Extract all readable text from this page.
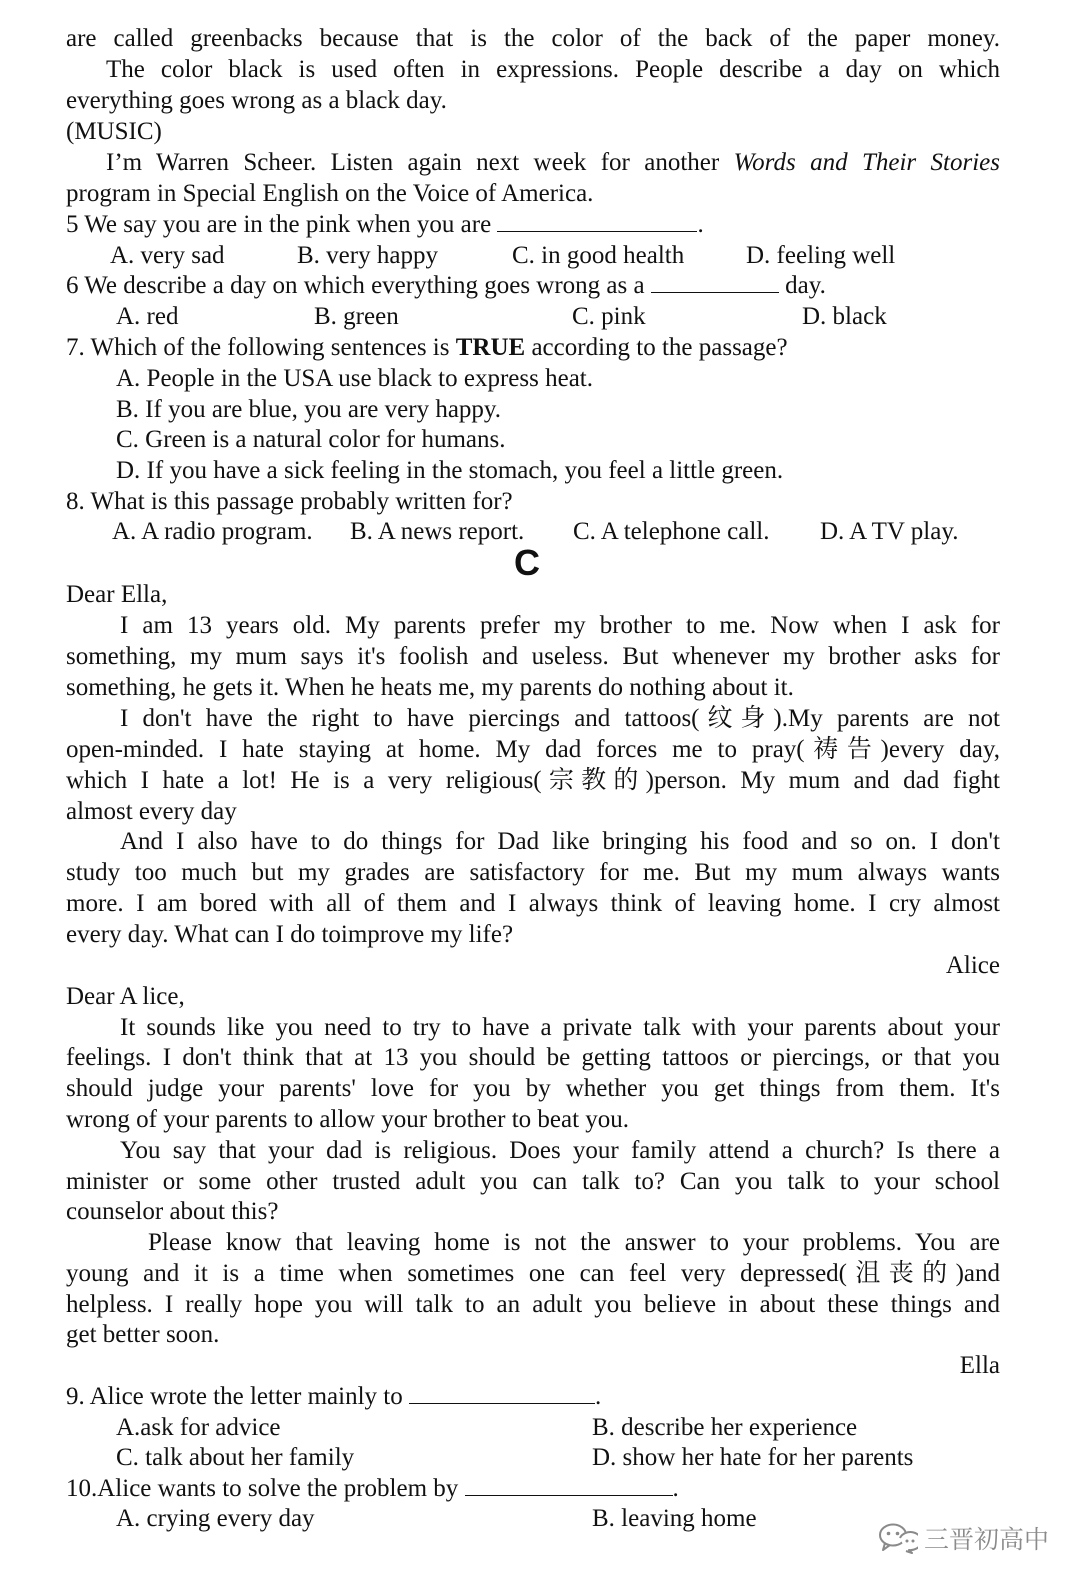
are called greenbacks because that is the color of the back of the paper money.
The color black is used often in expressions. People describe a day on which
everything goes wrong as a black day.
(MUSIC)
I’m Warren Scheer. Listen again next week for another Words and Their Stories
program in Special English on the Voice of America.
5 We say you are in the pink when you are	.
A. very sad	B. very happy	C. in good health D. feeling well
6 We describe a day on which everything goes wrong as a	day.
A. red	B. green	C. pink	D. black
7. Which of the following sentences is TRUE according to the passage?
A. People in the USA use black to express heat.
B. If you are blue, you are very happy.
C. Green is a natural color for humans.
D. If you have a sick feeling in the stomach, you feel a little green.
8. What is this passage probably written for?
A. A radio program. B. A news report. C. A telephone call. D. A TV play.
C
Dear Ella,
I am 13 years old. My parents prefer my brother to me. Now when I ask for
something, my mum says it's foolish and useless. But whenever my brother asks for
something, he gets it. When he heats me, my parents do nothing about it.
I don't have the right to have piercings and tattoos(纹身).My parents are not
open-minded. I hate staying at home. My dad forces me to pray(祷告)every day,
which I hate a lot! He is a very religious(宗教的)person. My mum and dad fight
almost every day
And I also have to do things for Dad like bringing his food and so on. I don't
study too much but my grades are satisfactory for me. But my mum always wants
more. I am bored with all of them and I always think of leaving home. I cry almost
every day. What can I do toimprove my life?
Alice
Dear A lice,
It sounds like you need to try to have a private talk with your parents about your
feelings. I don't think that at 13 you should be getting tattoos or piercings, or that you
should judge your parents' love for you by whether you get things from them. It's
wrong of your parents to allow your brother to beat you.
You say that your dad is religious. Does your family attend a church? Is there a
minister or some other trusted adult you can talk to? Can you talk to your school
counselor about this?
Please know that leaving home is not the answer to your problems. You are
young and it is a time when sometimes one can feel very depressed(沮丧的)and
helpless. I really hope you will talk to an adult you believe in about these things and
get better soon.
Ella
9. Alice wrote the letter mainly to	.
A.ask for advice	B. describe her experience
C. talk about her family	D. show her hate for her parents
10.Alice wants to solve the problem by	.
A. crying every day	B. leaving home
三晋初高中
